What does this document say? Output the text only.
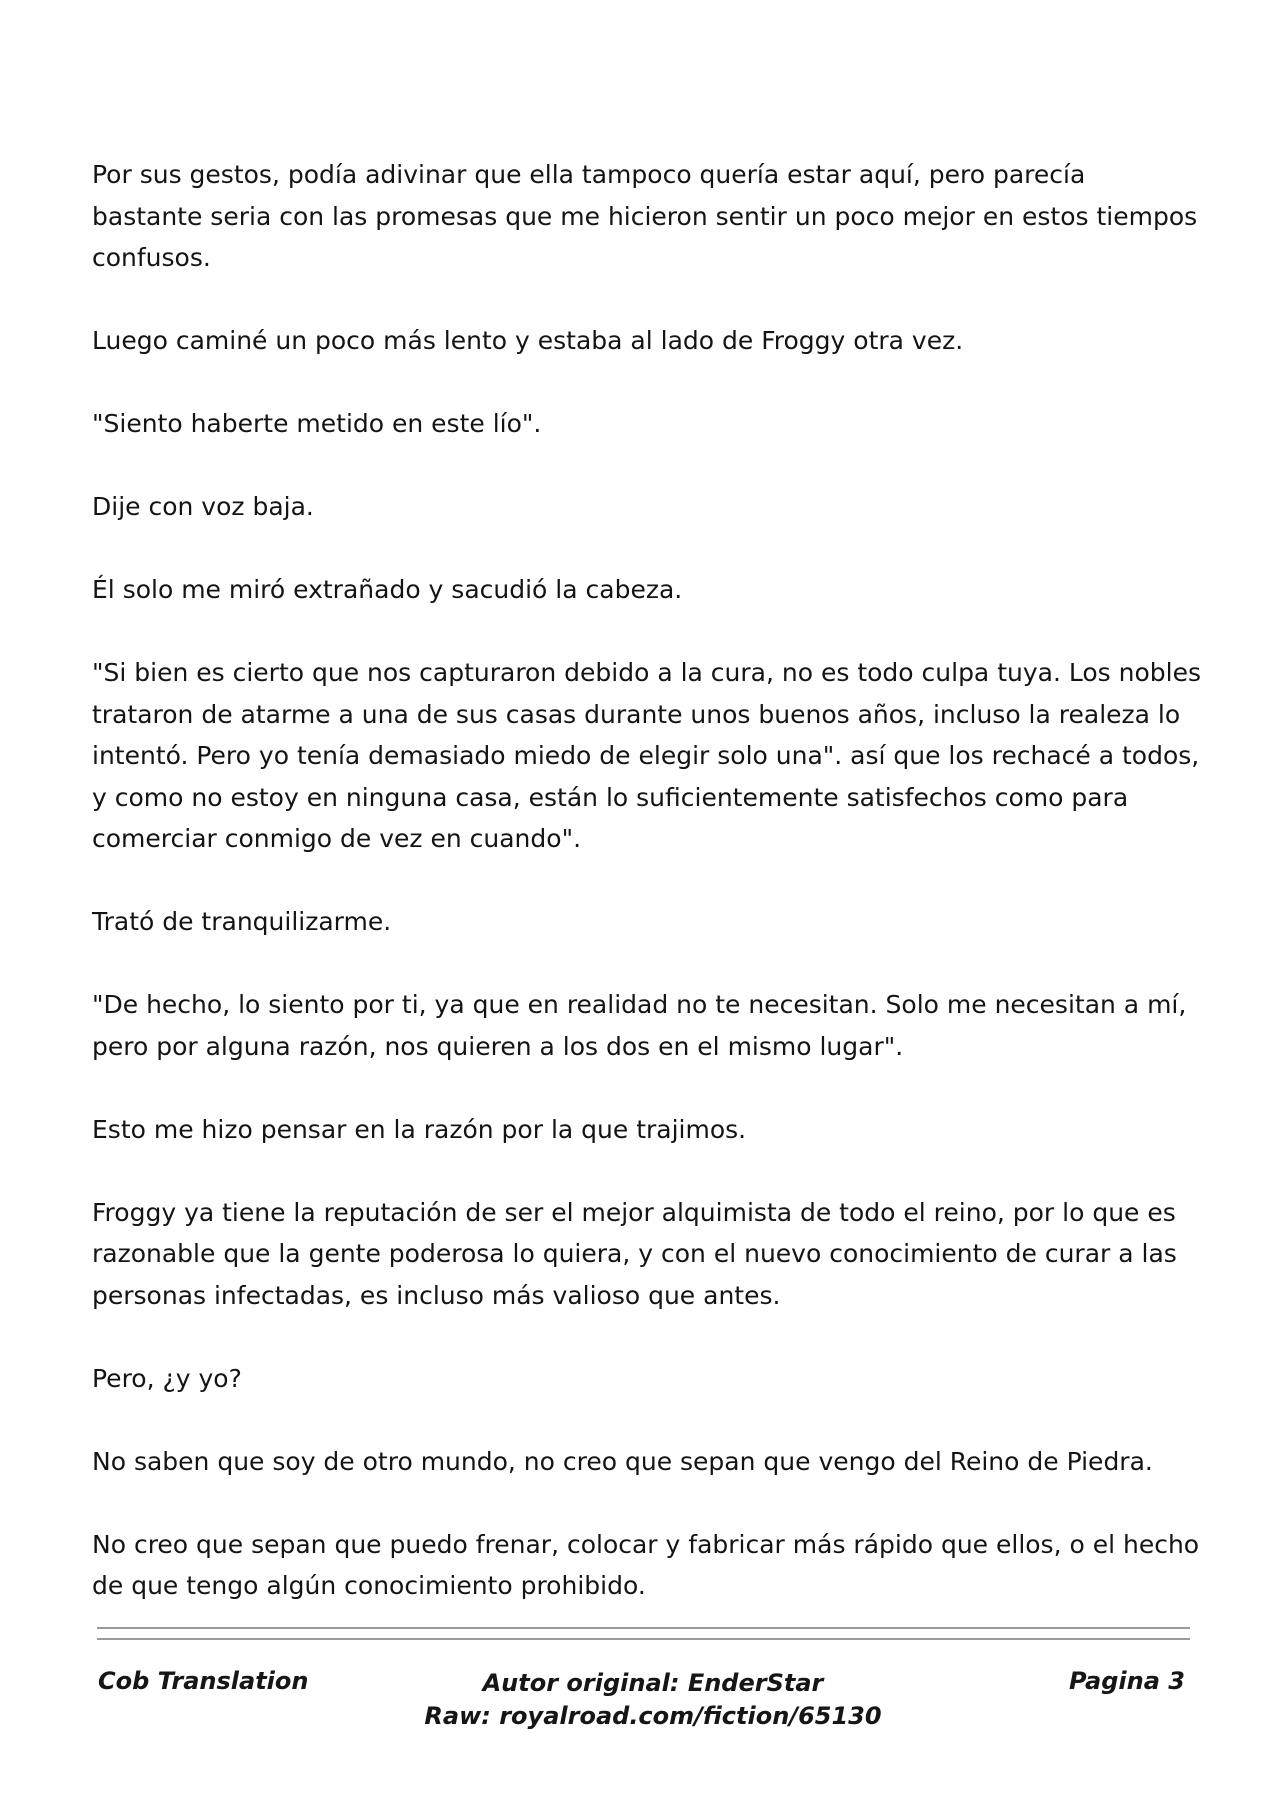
Por sus gestos, podía adivinar que ella tampoco quería estar aquí, pero parecía bastante seria con las promesas que me hicieron sentir un poco mejor en estos tiempos confusos.

Luego caminé un poco más lento y estaba al lado de Froggy otra vez.

"Siento haberte metido en este lío".

Dije con voz baja.

Él solo me miró extrañado y sacudió la cabeza.

"Si bien es cierto que nos capturaron debido a la cura, no es todo culpa tuya. Los nobles trataron de atarme a una de sus casas durante unos buenos años, incluso la realeza lo intentó. Pero yo tenía demasiado miedo de elegir solo una". así que los rechacé a todos, y como no estoy en ninguna casa, están lo suficientemente satisfechos como para comerciar conmigo de vez en cuando".

Trató de tranquilizarme.

"De hecho, lo siento por ti, ya que en realidad no te necesitan. Solo me necesitan a mí, pero por alguna razón, nos quieren a los dos en el mismo lugar".

Esto me hizo pensar en la razón por la que trajimos.

Froggy ya tiene la reputación de ser el mejor alquimista de todo el reino, por lo que es razonable que la gente poderosa lo quiera, y con el nuevo conocimiento de curar a las personas infectadas, es incluso más valioso que antes.

Pero, ¿y yo?

No saben que soy de otro mundo, no creo que sepan que vengo del Reino de Piedra.

No creo que sepan que puedo frenar, colocar y fabricar más rápido que ellos, o el hecho de que tengo algún conocimiento prohibido.

Cob Translation	Autor original: EnderStar
Raw: royalroad.com/fiction/65130
Pagina 3
